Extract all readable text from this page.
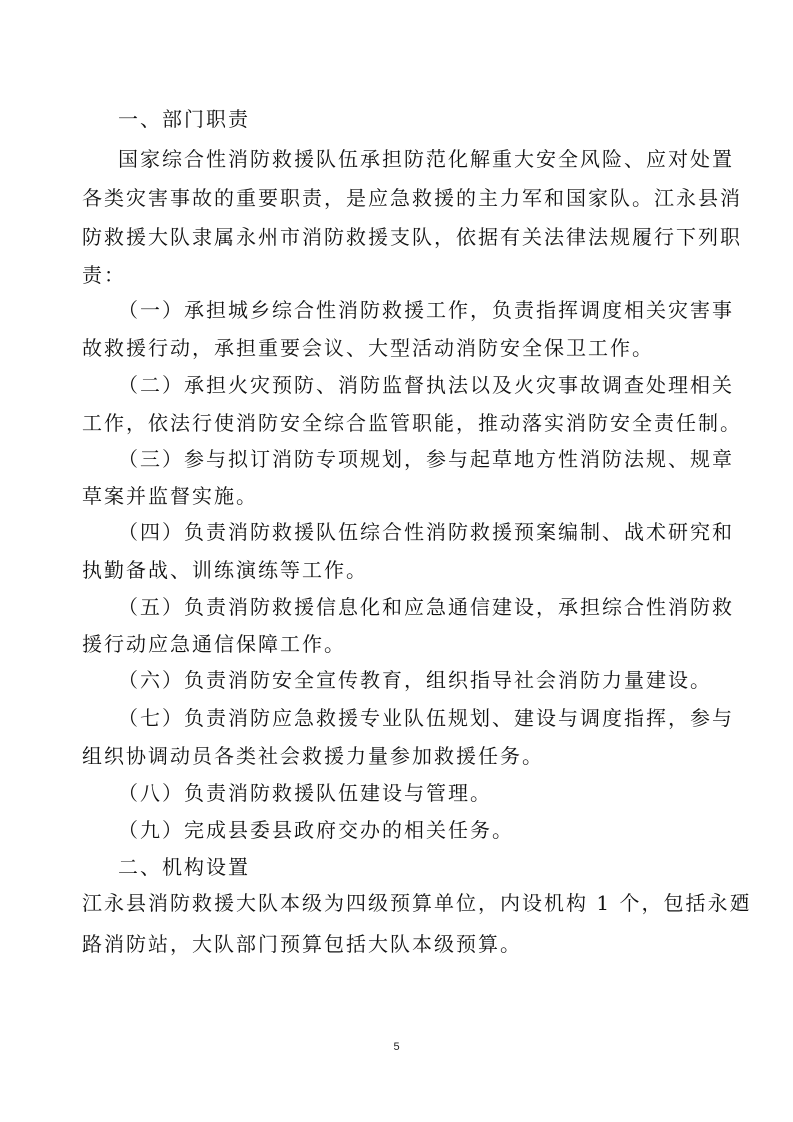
一、部门职责
国家综合性消防救援队伍承担防范化解重大安全风险、应对处置
各类灾害事故的重要职责，是应急救援的主力军和国家队。江永县消
防救援大队隶属永州市消防救援支队，依据有关法律法规履行下列职
责：
（一）承担城乡综合性消防救援工作，负责指挥调度相关灾害事
故救援行动，承担重要会议、大型活动消防安全保卫工作。
（二）承担火灾预防、消防监督执法以及火灾事故调查处理相关
工作，依法行使消防安全综合监管职能，推动落实消防安全责任制。
（三）参与拟订消防专项规划，参与起草地方性消防法规、规章
草案并监督实施。
（四）负责消防救援队伍综合性消防救援预案编制、战术研究和
执勤备战、训练演练等工作。
（五）负责消防救援信息化和应急通信建设，承担综合性消防救
援行动应急通信保障工作。
（六）负责消防安全宣传教育，组织指导社会消防力量建设。
（七）负责消防应急救援专业队伍规划、建设与调度指挥，参与
组织协调动员各类社会救援力量参加救援任务。
（八）负责消防救援队伍建设与管理。
（九）完成县委县政府交办的相关任务。
二、机构设置
江永县消防救援大队本级为四级预算单位，内设机构 1 个，包括永廼
路消防站，大队部门预算包括大队本级预算。
5
